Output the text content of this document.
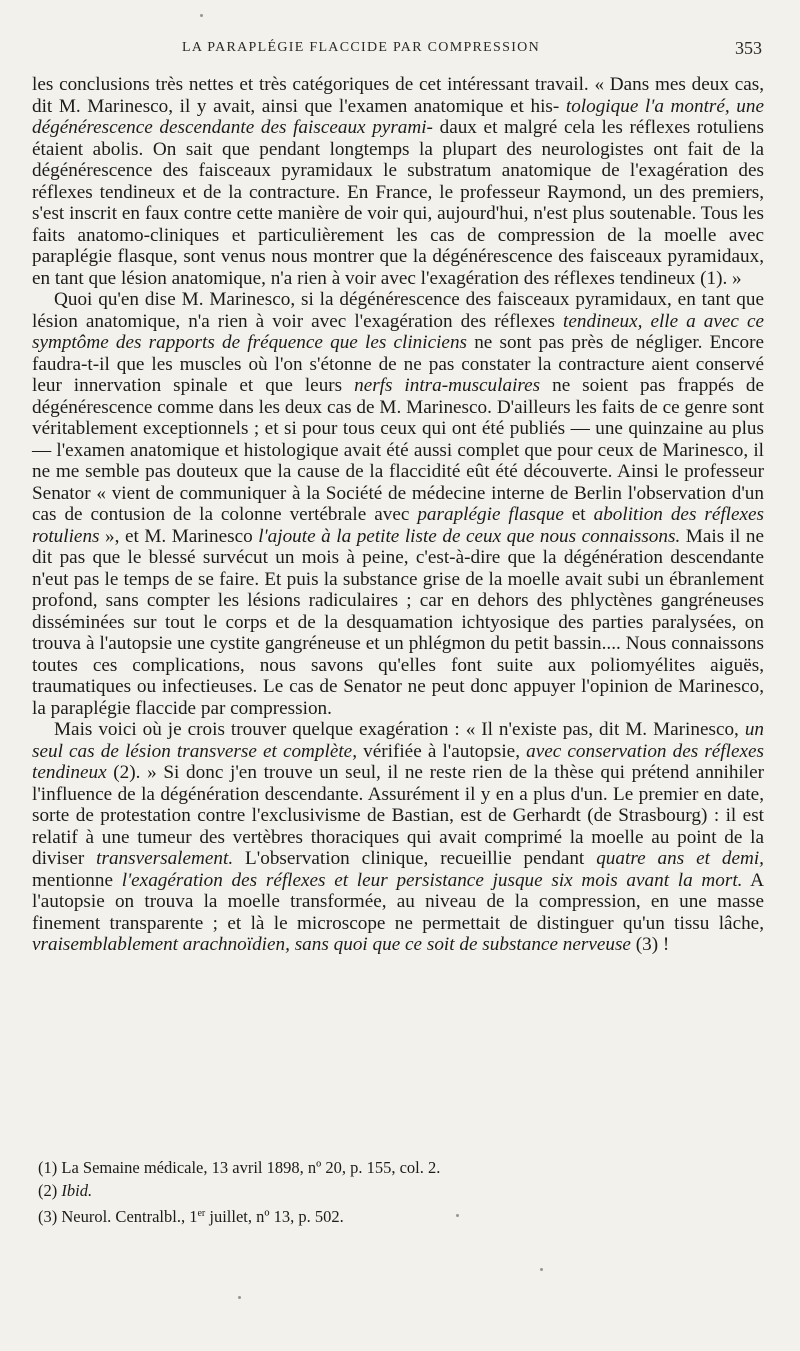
LA PARAPLÉGIE FLACCIDE PAR COMPRESSION	353

les conclusions très nettes et très catégoriques de cet intéressant travail. « Dans mes deux cas, dit M. Marinesco, il y avait, ainsi que l'examen anatomique et his- tologique l'a montré, une dégénérescence descendante des faisceaux pyrami- daux et malgré cela les réflexes rotuliens étaient abolis. On sait que pendant longtemps la plupart des neurologistes ont fait de la dégénérescence des faisceaux pyramidaux le substratum anatomique de l'exagération des réflexes tendineux et de la contracture. En France, le professeur Raymond, un des premiers, s'est inscrit en faux contre cette manière de voir qui, aujourd'hui, n'est plus soutenable. Tous les faits anatomo-cliniques et particulièrement les cas de compression de la moelle avec paraplégie flasque, sont venus nous montrer que la dégénérescence des faisceaux pyramidaux, en tant que lésion anatomique, n'a rien à voir avec l'exagération des réflexes tendineux (1). »

Quoi qu'en dise M. Marinesco, si la dégénérescence des faisceaux pyramidaux, en tant que lésion anatomique, n'a rien à voir avec l'exagération des réflexes tendineux, elle a avec ce symptôme des rapports de fréquence que les cliniciens ne sont pas près de négliger. Encore faudra-t-il que les muscles où l'on s'étonne de ne pas constater la contracture aient conservé leur innervation spinale et que leurs nerfs intra-musculaires ne soient pas frappés de dégénérescence comme dans les deux cas de M. Marinesco. D'ailleurs les faits de ce genre sont véritablement exceptionnels ; et si pour tous ceux qui ont été publiés — une quinzaine au plus — l'examen anatomique et histologique avait été aussi complet que pour ceux de Marinesco, il ne me semble pas douteux que la cause de la flaccidité eût été découverte. Ainsi le professeur Senator « vient de communiquer à la Société de médecine interne de Berlin l'observation d'un cas de contusion de la colonne vertébrale avec paraplégie flasque et abolition des réflexes rotuliens », et M. Marinesco l'ajoute à la petite liste de ceux que nous connaissons. Mais il ne dit pas que le blessé survécut un mois à peine, c'est-à-dire que la dégénération descendante n'eut pas le temps de se faire. Et puis la substance grise de la moelle avait subi un ébranlement profond, sans compter les lésions radiculaires ; car en dehors des phlyctènes gangréneuses disséminées sur tout le corps et de la desquamation ichtyosique des parties paralysées, on trouva à l'autopsie une cystite gangréneuse et un phlégmon du petit bassin.... Nous connaissons toutes ces complications, nous savons qu'elles font suite aux poliomyélites aiguës, traumatiques ou infectieuses. Le cas de Senator ne peut donc appuyer l'opinion de Marinesco, la paraplégie flaccide par compression.

Mais voici où je crois trouver quelque exagération : « Il n'existe pas, dit M. Marinesco, un seul cas de lésion transverse et complète, vérifiée à l'autopsie, avec conservation des réflexes tendineux (2). » Si donc j'en trouve un seul, il ne reste rien de la thèse qui prétend annihiler l'influence de la dégénération descendante. Assurément il y en a plus d'un. Le premier en date, sorte de protestation contre l'exclusivisme de Bastian, est de Gerhardt (de Strasbourg) : il est relatif à une tumeur des vertèbres thoraciques qui avait comprimé la moelle au point de la diviser transversalement. L'observation clinique, recueillie pendant quatre ans et demi, mentionne l'exagération des réflexes et leur persistance jusque six mois avant la mort. A l'autopsie on trouva la moelle transformée, au niveau de la compression, en une masse finement transparente ; et là le microscope ne permettait de distinguer qu'un tissu lâche, vraisemblablement arachnoïdien, sans quoi que ce soit de substance nerveuse (3) !

(1) La Semaine médicale, 13 avril 1898, nº 20, p. 155, col. 2.
(2) Ibid.
(3) Neurol. Centralbl., 1er juillet, nº 13, p. 502.
